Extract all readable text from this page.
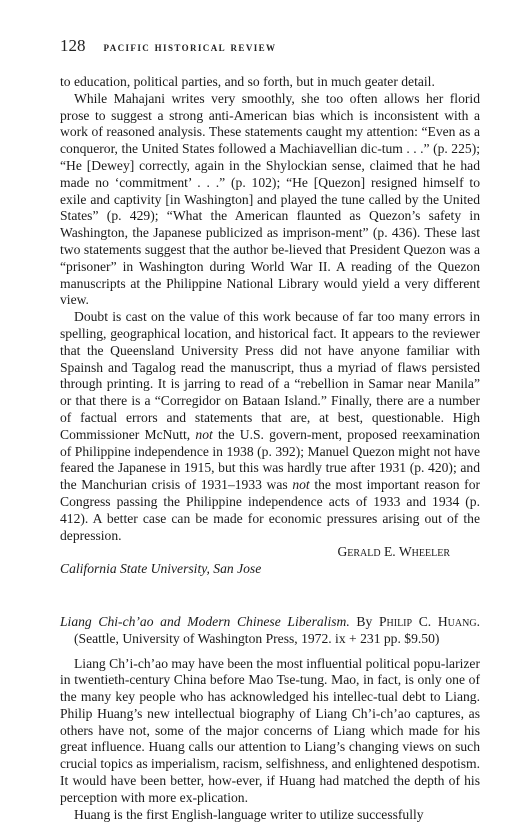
128 pacific historical review

to education, political parties, and so forth, but in much geater detail.

While Mahajani writes very smoothly, she too often allows her florid prose to suggest a strong anti-American bias which is inconsistent with a work of reasoned analysis. These statements caught my attention: “Even as a conqueror, the United States followed a Machiavellian dic-tum . . .” (p. 225); “He [Dewey] correctly, again in the Shylockian sense, claimed that he had made no ‘commitment’ . . .” (p. 102); “He [Quezon] resigned himself to exile and captivity [in Washington] and played the tune called by the United States” (p. 429); “What the American flaunted as Quezon’s safety in Washington, the Japanese publicized as imprison-ment” (p. 436). These last two statements suggest that the author be-lieved that President Quezon was a “prisoner” in Washington during World War II. A reading of the Quezon manuscripts at the Philippine National Library would yield a very different view.

Doubt is cast on the value of this work because of far too many errors in spelling, geographical location, and historical fact. It appears to the reviewer that the Queensland University Press did not have anyone familiar with Spainsh and Tagalog read the manuscript, thus a myriad of flaws persisted through printing. It is jarring to read of a “rebellion in Samar near Manila” or that there is a “Corregidor on Bataan Island.” Finally, there are a number of factual errors and statements that are, at best, questionable. High Commissioner McNutt, not the U.S. govern-ment, proposed reexamination of Philippine independence in 1938 (p. 392); Manuel Quezon might not have feared the Japanese in 1915, but this was hardly true after 1931 (p. 420); and the Manchurian crisis of 1931–1933 was not the most important reason for Congress passing the Philippine independence acts of 1933 and 1934 (p. 412). A better case can be made for economic pressures arising out of the depression.

Gerald E. Wheeler
California State University, San Jose
Liang Chi-ch’ao and Modern Chinese Liberalism. By Philip C. Huang. (Seattle, University of Washington Press, 1972. ix + 231 pp. $9.50)

Liang Ch’i-ch’ao may have been the most influential political popu-larizer in twentieth-century China before Mao Tse-tung. Mao, in fact, is only one of the many key people who has acknowledged his intellec-tual debt to Liang. Philip Huang’s new intellectual biography of Liang Ch’i-ch’ao captures, as others have not, some of the major concerns of Liang which made for his great influence. Huang calls our attention to Liang’s changing views on such crucial topics as imperialism, racism, selfishness, and enlightened despotism. It would have been better, how-ever, if Huang had matched the depth of his perception with more ex-plication.

Huang is the first English-language writer to utilize successfully
